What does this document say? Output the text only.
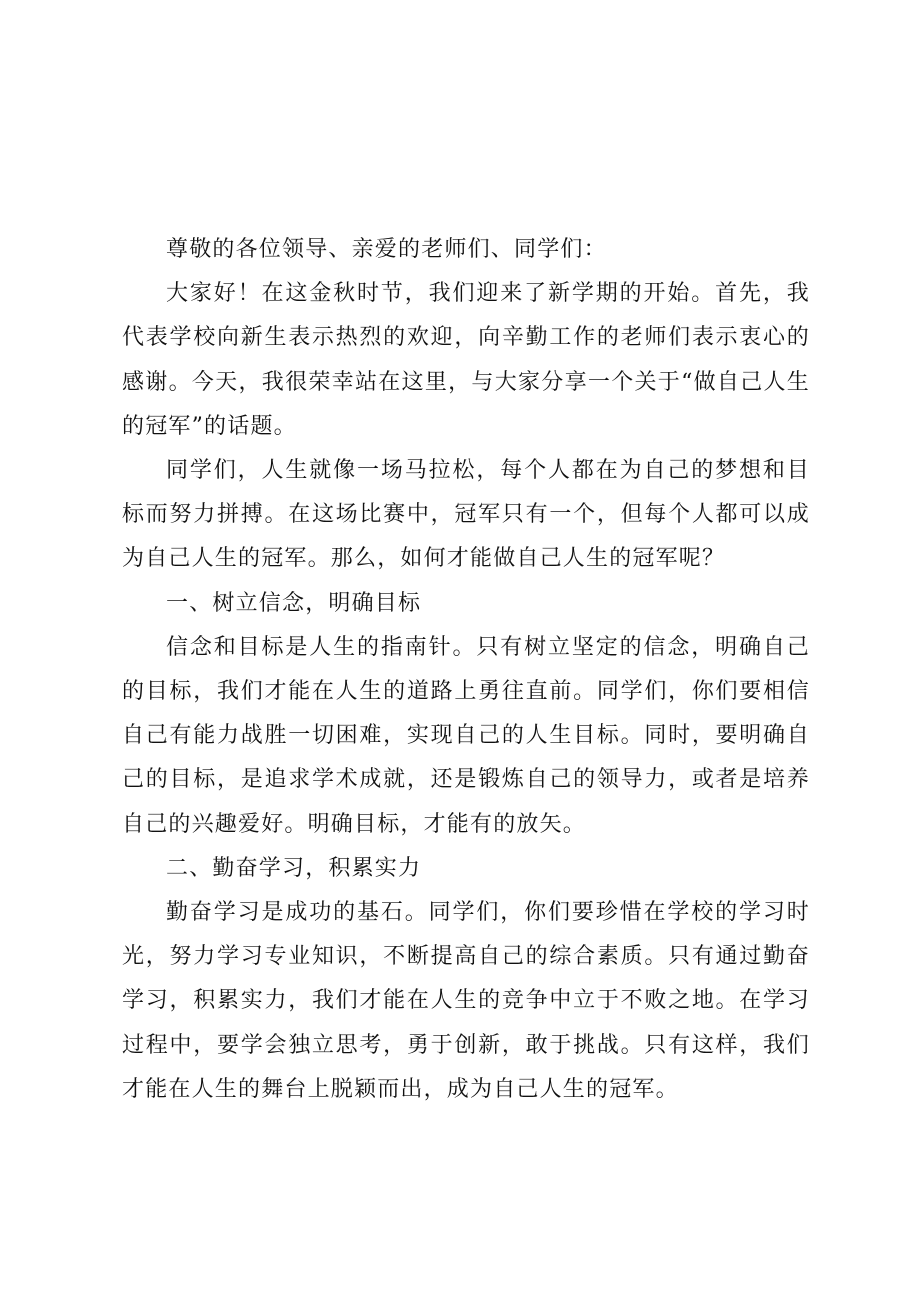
尊敬的各位领导、亲爱的老师们、同学们：

大家好！在这金秋时节，我们迎来了新学期的开始。首先，我代表学校向新生表示热烈的欢迎，向辛勤工作的老师们表示衷心的感谢。今天，我很荣幸站在这里，与大家分享一个关于“做自己人生的冠军”的话题。

同学们，人生就像一场马拉松，每个人都在为自己的梦想和目标而努力拼搏。在这场比赛中，冠军只有一个，但每个人都可以成为自己人生的冠军。那么，如何才能做自己人生的冠军呢？

一、树立信念，明确目标

信念和目标是人生的指南针。只有树立坚定的信念，明确自己的目标，我们才能在人生的道路上勇往直前。同学们，你们要相信自己有能力战胜一切困难，实现自己的人生目标。同时，要明确自己的目标，是追求学术成就，还是锻炼自己的领导力，或者是培养自己的兴趣爱好。明确目标，才能有的放矢。

二、勤奋学习，积累实力

勤奋学习是成功的基石。同学们，你们要珍惜在学校的学习时光，努力学习专业知识，不断提高自己的综合素质。只有通过勤奋学习，积累实力，我们才能在人生的竞争中立于不败之地。在学习过程中，要学会独立思考，勇于创新，敢于挑战。只有这样，我们才能在人生的舞台上脱颖而出，成为自己人生的冠军。
